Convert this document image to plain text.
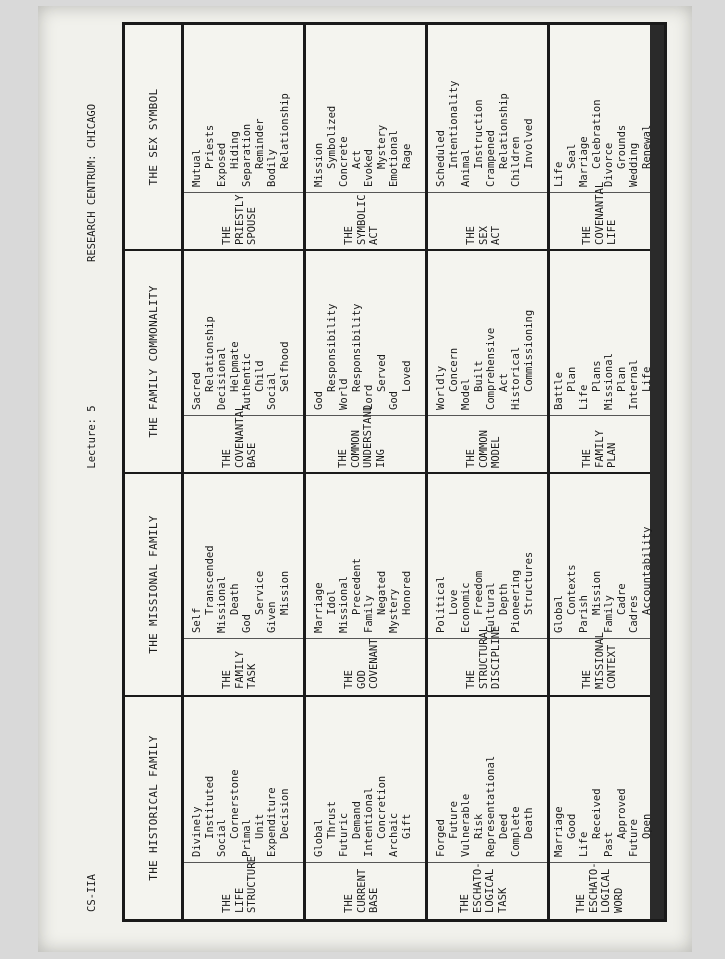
CS-IIA

Lecture: 5

RESEARCH CENTRUM: CHICAGO

THE HISTORICAL FAMILY
THE MISSIONAL FAMILY
THE FAMILY COMMONALITY
THE SEX SYMBOL
THE
LIFE
STRUCTURE
Divinely Instituted Social Cornerstone Primal Unit Expenditure Decision
THE
CURRENT
BASE
Global Thrust Futuric Demand Intentional Concretion Archaic Gift
THE
ESCHATO-
LOGICAL
TASK
Forged Future Vulnerable Risk Representational Deed Complete Death
THE
ESCHATO-
LOGICAL
WORD
Marriage Good
Life
Received
Past
Approved Future Open
THE
FAMILY
TASK
Self
Transcended Missional Death
God
Service
Given
Mission
THE
GOD
COVENANT
Marriage Idol Missional Precedent Family Negated Mystery Honored
THE
STRUCTURAL
DISCIPLINE
Political Love Economic Freedom Cultural Depth Pioneering Structures
THE
MISSIONAL
CONTEXT
Global Contexts Parish Mission Family Cadre Cadres Accountability
THE
COVENANTAL
BASE
Sacred Relationship Decisional Helpmate Authentic Child Social Selfhood
THE
COMMON
UNDERSTAND
ING
God
Responsibility
World
Responsibility
Lord
Served
God
Loved
THE
COMMON
MODEL
Worldly Concern
Model
Built Comprehensive Act Historical Commissioning
THE
FAMILY
PLAN
Battle Plan
Life
Plans Missional Plan Internal Life
THE
PRIESTLY
SPOUSE
Mutual Priests Exposed Hiding Separation Reminder Bodily Relationship
THE
SYMBOLIC
ACT
Mission Symbolized Concrete Act Evoked Mystery Emotional Rage
THE
SEX
ACT
Scheduled Intentionality Animal Instruction Crampened Relationship Children Involved
THE
COVENANTAL
LIFE
Life
Seal Marriage Celebration Divorce Grounds Wedding Renewal
